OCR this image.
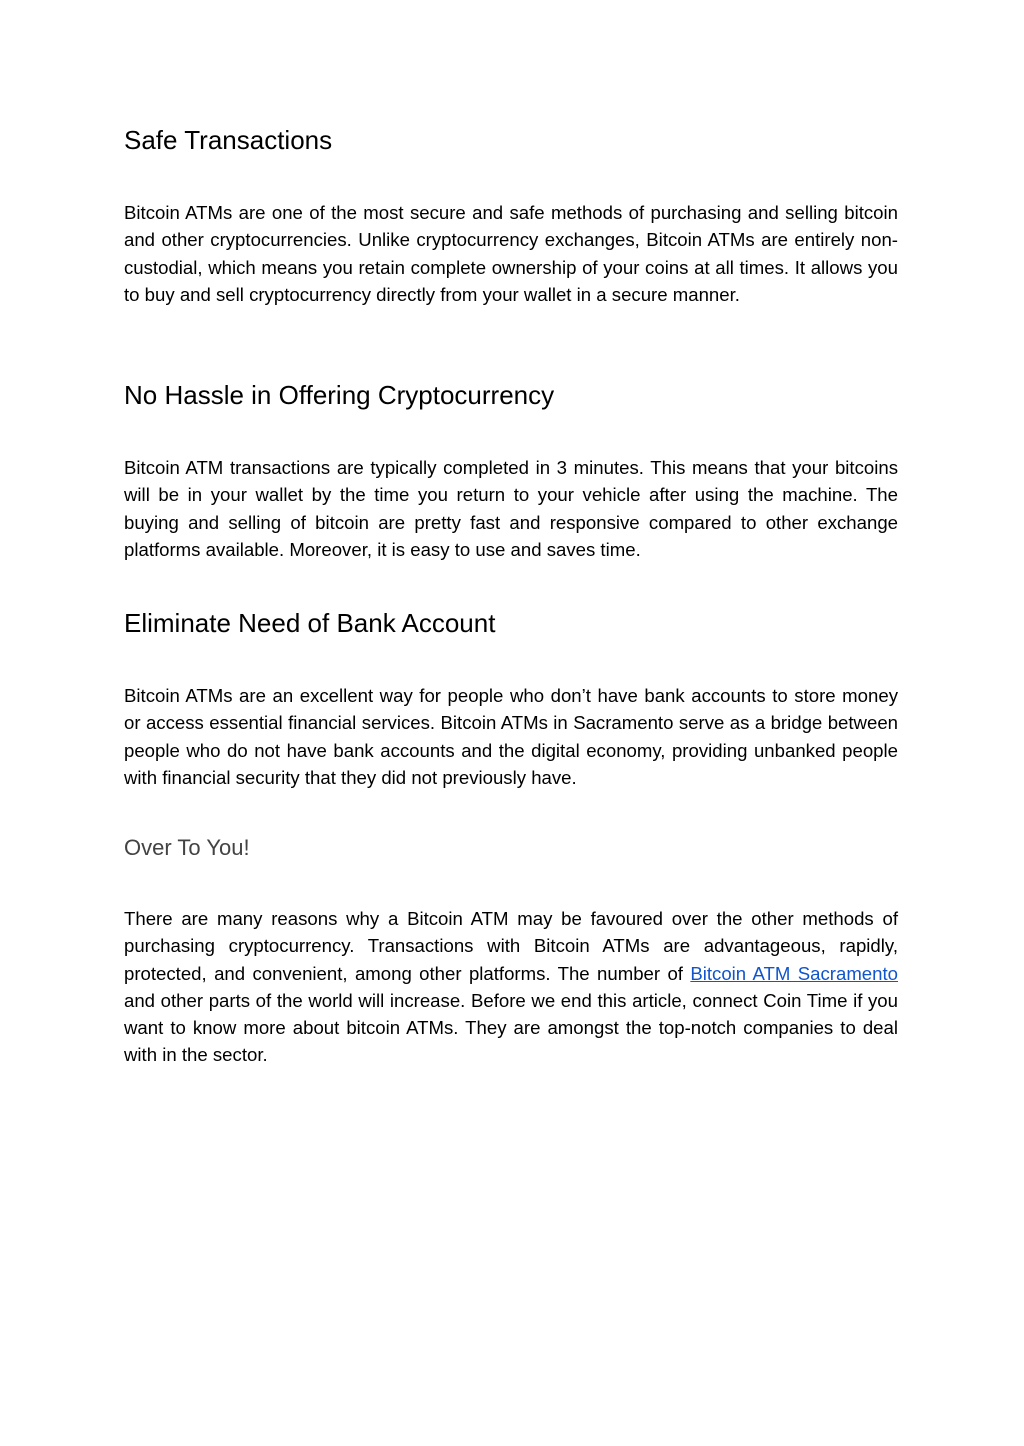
Safe Transactions

Bitcoin ATMs are one of the most secure and safe methods of purchasing and selling bitcoin and other cryptocurrencies. Unlike cryptocurrency exchanges, Bitcoin ATMs are entirely non-custodial, which means you retain complete ownership of your coins at all times. It allows you to buy and sell cryptocurrency directly from your wallet in a secure manner.

No Hassle in Offering Cryptocurrency

Bitcoin ATM transactions are typically completed in 3 minutes. This means that your bitcoins will be in your wallet by the time you return to your vehicle after using the machine. The buying and selling of bitcoin are pretty fast and responsive compared to other exchange platforms available. Moreover, it is easy to use and saves time.

Eliminate Need of Bank Account

Bitcoin ATMs are an excellent way for people who don’t have bank accounts to store money or access essential financial services. Bitcoin ATMs in Sacramento serve as a bridge between people who do not have bank accounts and the digital economy, providing unbanked people with financial security that they did not previously have.

Over To You!

There are many reasons why a Bitcoin ATM may be favoured over the other methods of purchasing cryptocurrency. Transactions with Bitcoin ATMs are advantageous, rapidly, protected, and convenient, among other platforms. The number of Bitcoin ATM Sacramento and other parts of the world will increase. Before we end this article, connect Coin Time if you want to know more about bitcoin ATMs. They are amongst the top-notch companies to deal with in the sector.
